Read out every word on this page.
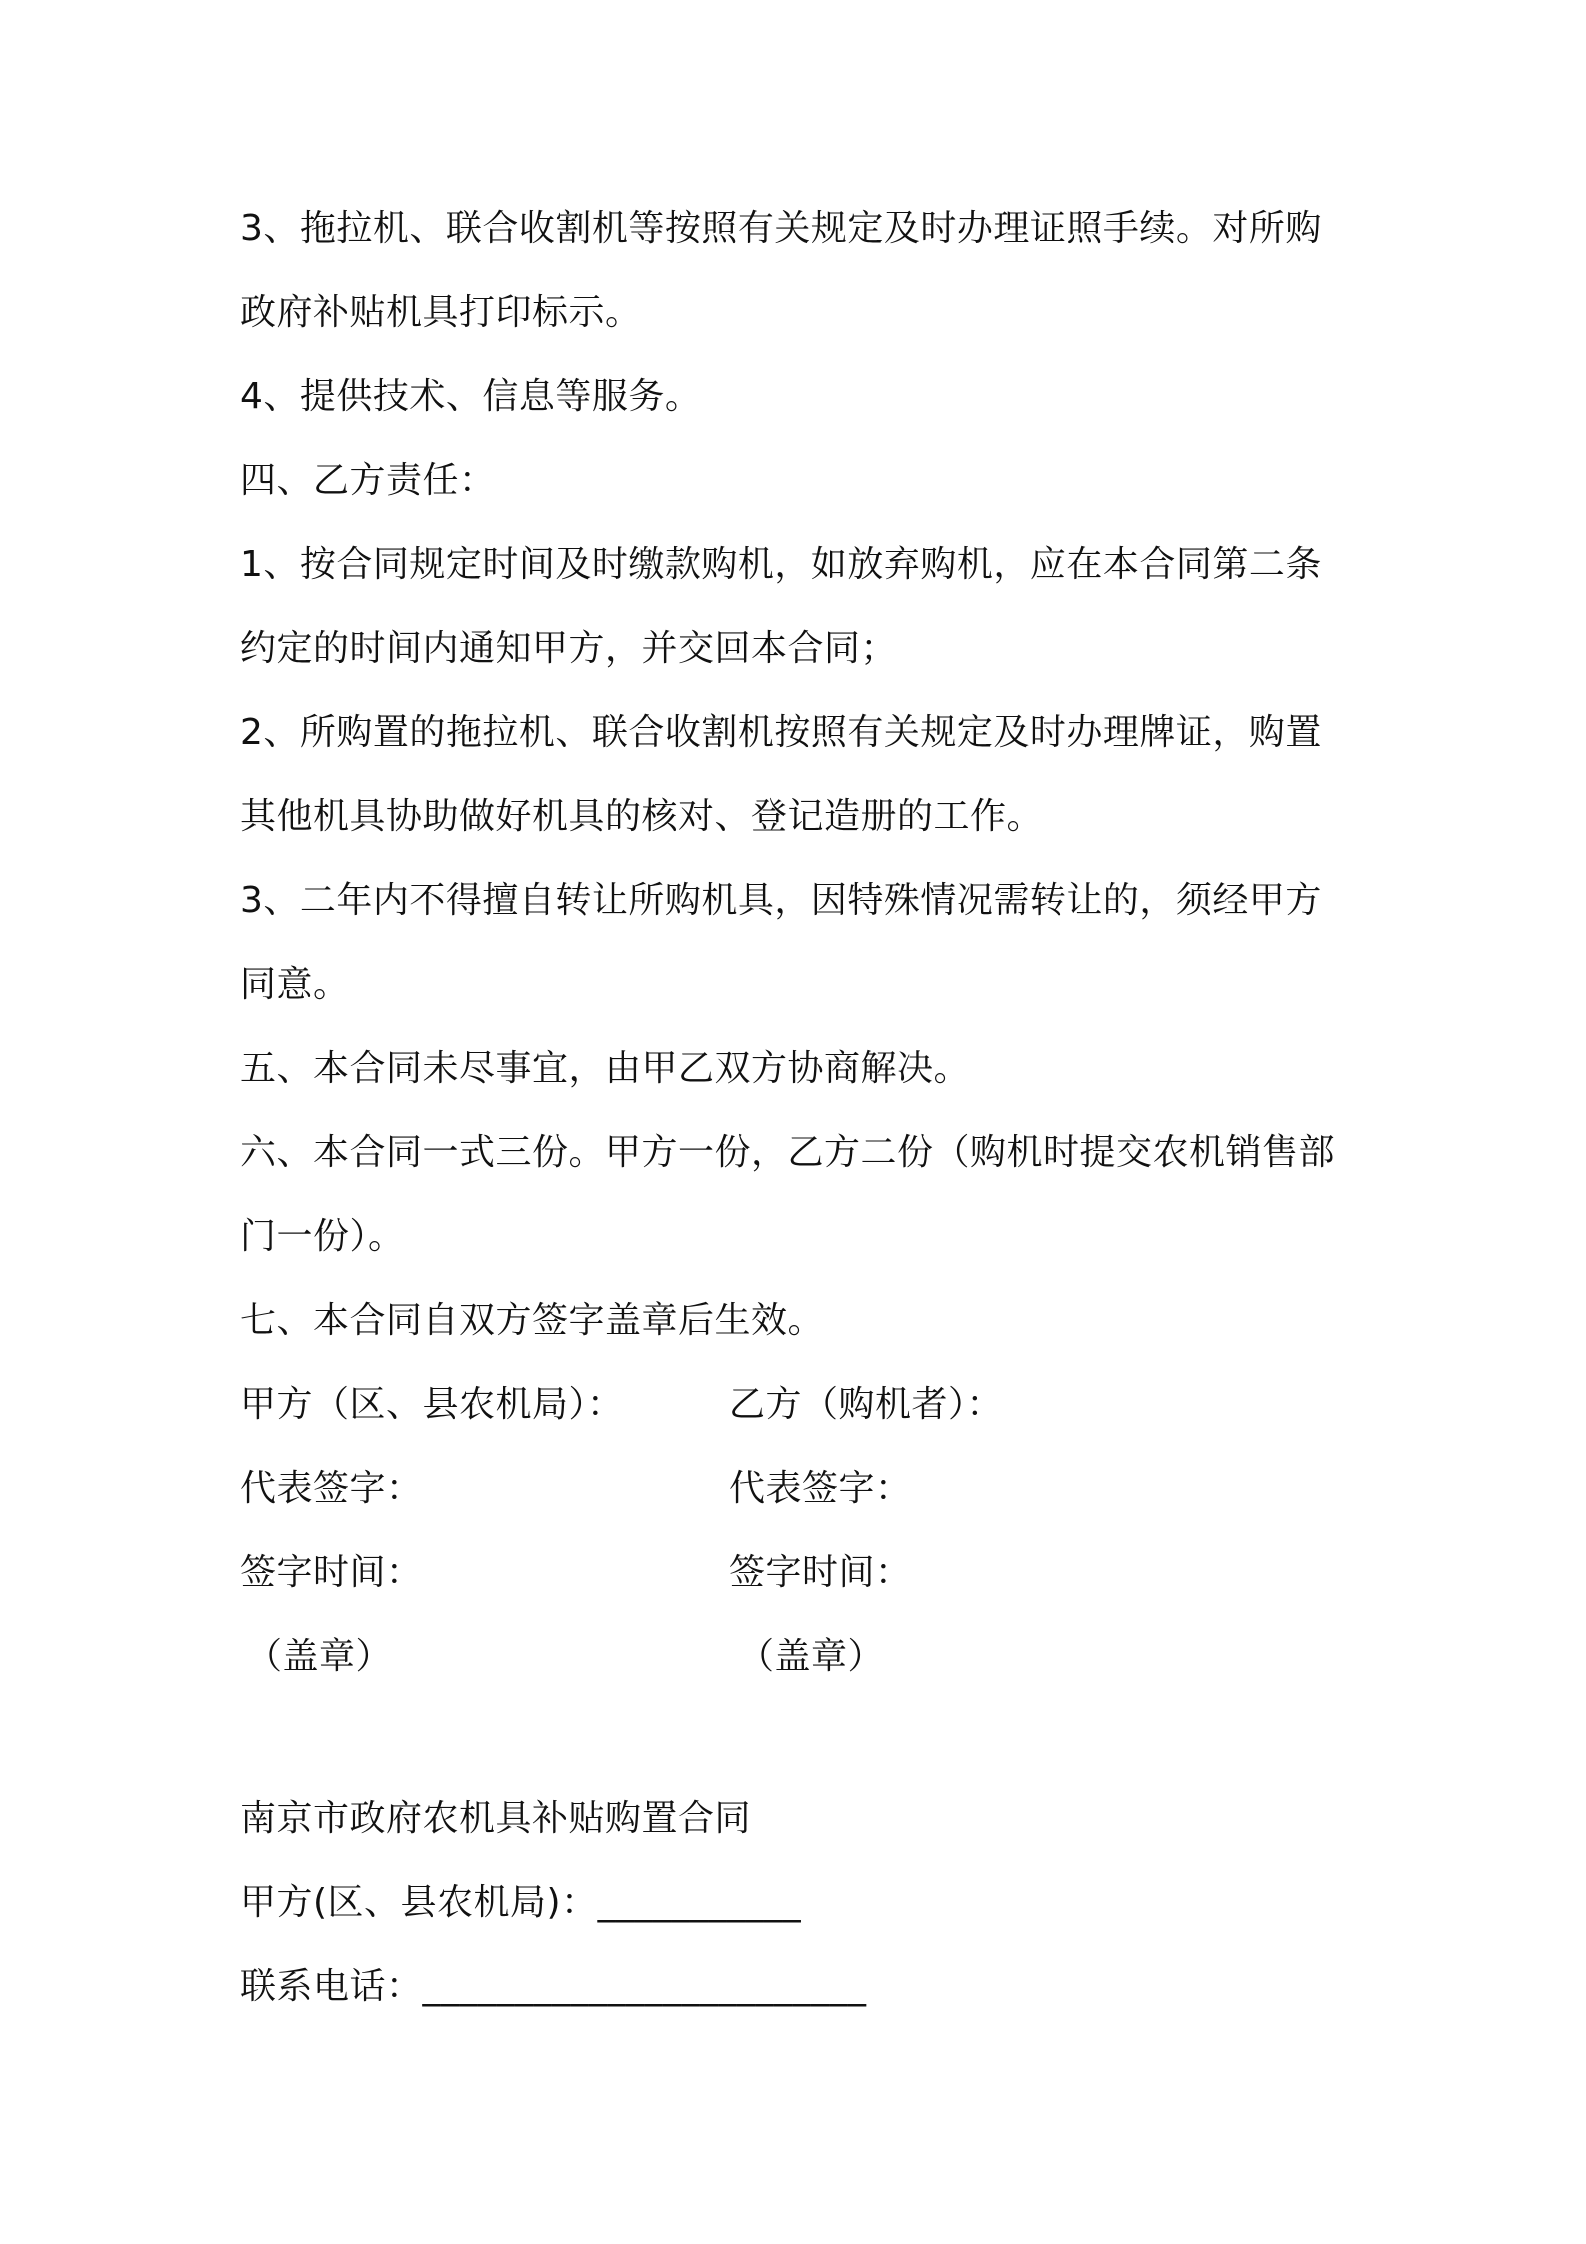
3、拖拉机、联合收割机等按照有关规定及时办理证照手续。对所购
政府补贴机具打印标示。
4、提供技术、信息等服务。
四、乙方责任：
1、按合同规定时间及时缴款购机，如放弃购机，应在本合同第二条
约定的时间内通知甲方，并交回本合同；
2、所购置的拖拉机、联合收割机按照有关规定及时办理牌证，购置
其他机具协助做好机具的核对、登记造册的工作。
3、二年内不得擅自转让所购机具，因特殊情况需转让的，须经甲方
同意。
五、本合同未尽事宜，由甲乙双方协商解决。
六、本合同一式三份。甲方一份，乙方二份（购机时提交农机销售部
门一份）。
七、本合同自双方签字盖章后生效。
甲方（区、县农机局）：	乙方（购机者）：
代表签字：	代表签字：
签字时间：	签字时间：
（盖章）	（盖章）
南京市政府农机具补贴购置合同
甲方(区、县农机局)：___________
联系电话：________________________
